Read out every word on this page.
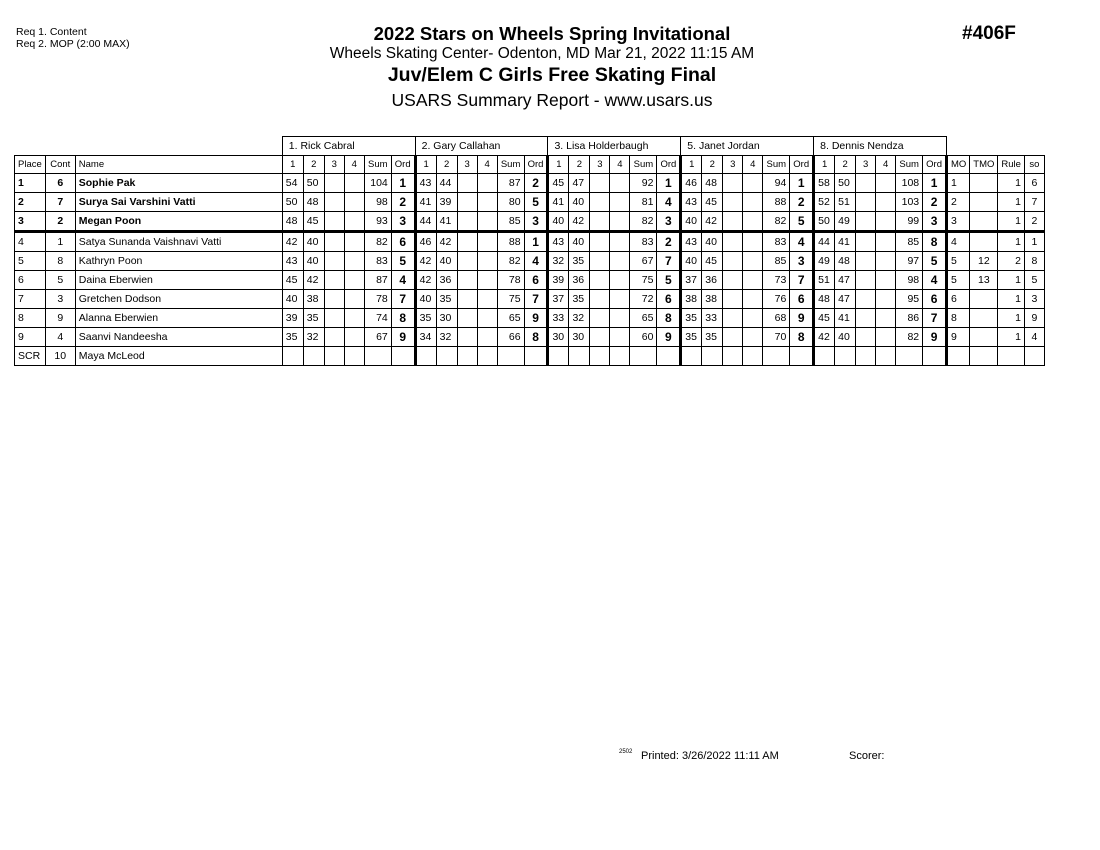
Req 1. Content
Req 2. MOP (2:00 MAX)	2022 Stars on Wheels Spring Invitational
Wheels Skating Center- Odenton, MD Mar 21, 2022 11:15 AM
Juv/Elem C Girls Free Skating Final
USARS Summary Report - www.usars.us
#406F
			1. Rick Cabral						2. Gary Callahan						3. Lisa Holderbaugh						5. Janet Jordan						8. Dennis Nendza									
Place	Cont	Name	1	2	3	4	Sum	Ord	1	2	3	4	Sum	Ord	1	2	3	4	Sum	Ord	1	2	3	4	Sum	Ord	1	2	3	4	Sum	Ord	MO	TMO	Rule	so
1	6	Sophie Pak	54	50			104	1	43	44			87	2	45	47			92	1	46	48			94	1	58	50			108	1	1		1	6
2	7	Surya Sai Varshini Vatti	50	48			98	2	41	39			80	5	41	40			81	4	43	45			88	2	52	51			103	2	2		1	7
3	2	Megan Poon	48	45			93	3	44	41			85	3	40	42			82	3	40	42			82	5	50	49			99	3	3		1	2
4	1	Satya Sunanda Vaishnavi Vatti	42	40			82	6	46	42			88	1	43	40			83	2	43	40			83	4	44	41			85	8	4		1	1
5	8	Kathryn Poon	43	40			83	5	42	40			82	4	32	35			67	7	40	45			85	3	49	48			97	5	5	12	2	8
6	5	Daina Eberwien	45	42			87	4	42	36			78	6	39	36			75	5	37	36			73	7	51	47			98	4	5	13	1	5
7	3	Gretchen Dodson	40	38			78	7	40	35			75	7	37	35			72	6	38	38			76	6	48	47			95	6	6		1	3
8	9	Alanna Eberwien	39	35			74	8	35	30			65	9	33	32			65	8	35	33			68	9	45	41			86	7	8		1	9
9	4	Saanvi Nandeesha	35	32			67	9	34	32			66	8	30	30			60	9	35	35			70	8	42	40			82	9	9		1	4
SCR	10	Maya McLeod																																		
2502 Printed: 3/26/2022 11:11 AM	Scorer:
